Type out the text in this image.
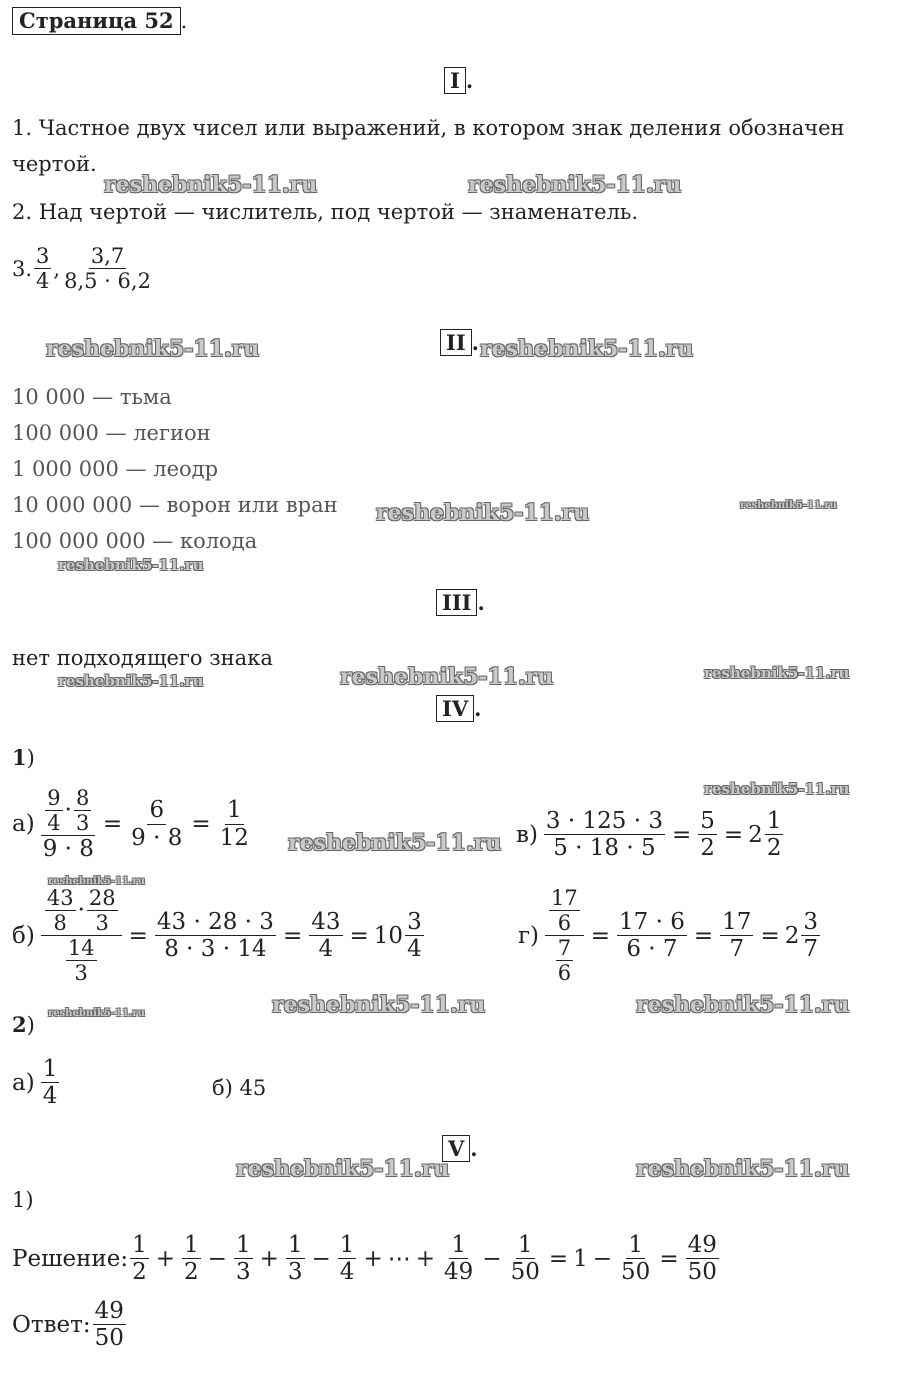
Страница 52 .
I .
1. Частное двух чисел или выражений, в котором знак деления обозначен
чертой.
2. Над чертой — числитель, под чертой — знаменатель.
3. $\frac{3}{4}$ , $\frac{3,7}{8,5 \cdot 6,2}$
II .
10 000 — тьма
100 000 — легион
1 000 000 — леодр
10 000 000 — ворон или вран
100 000 000 — колода
III .
нет подходящего знака
IV .
1)
$а) \frac{\frac{9}{4} \cdot \frac{8}{3}}{9 \cdot 8} = \frac{6}{9 \cdot 8} = \frac{1}{12}$	$в) \frac{3 \cdot 125 \cdot 3}{5 \cdot 18 \cdot 5} = \frac{5}{2} = 2 \frac{1}{2}$
$б) \frac{\frac{43}{8} \cdot \frac{28}{3}}{\frac{14}{3}} = \frac{43 \cdot 28 \cdot 3}{8 \cdot 3 \cdot 14} = \frac{43}{4} = 10 \frac{3}{4}$	$г) \frac{\frac{17}{6}}{\frac{7}{6}} = \frac{17 \cdot 6}{6 \cdot 7} = \frac{17}{7} = 2 \frac{3}{7}$
2)
$а) \frac{1}{4}$	б) 45
V .
1)
Решение: $\frac{1}{2} + \frac{1}{2} - \frac{1}{3} + \frac{1}{3} - \frac{1}{4}$ + ⋯ + $\frac{1}{49} - \frac{1}{50} = 1 - \frac{1}{50} = \frac{49}{50}$
Ответ: $\frac{49}{50}$
reshebnik5-11.ru	reshebnik5-11.ru
reshebnik5-11.ru	reshebnik5-11.ru
reshebnik5-11.ru	reshebnik5-11.ru
reshebnik5-11.ru
reshebnik5-11.ru	reshebnik5-11.ru	reshebnik5-11.ru
reshebnik5-11.ru
reshebnik5-11.ru
reshebnik5-11.ru
reshebnik5-11.ru	reshebnik5-11.ru	reshebnik5-11.ru
reshebnik5-11.ru	reshebnik5-11.ru
